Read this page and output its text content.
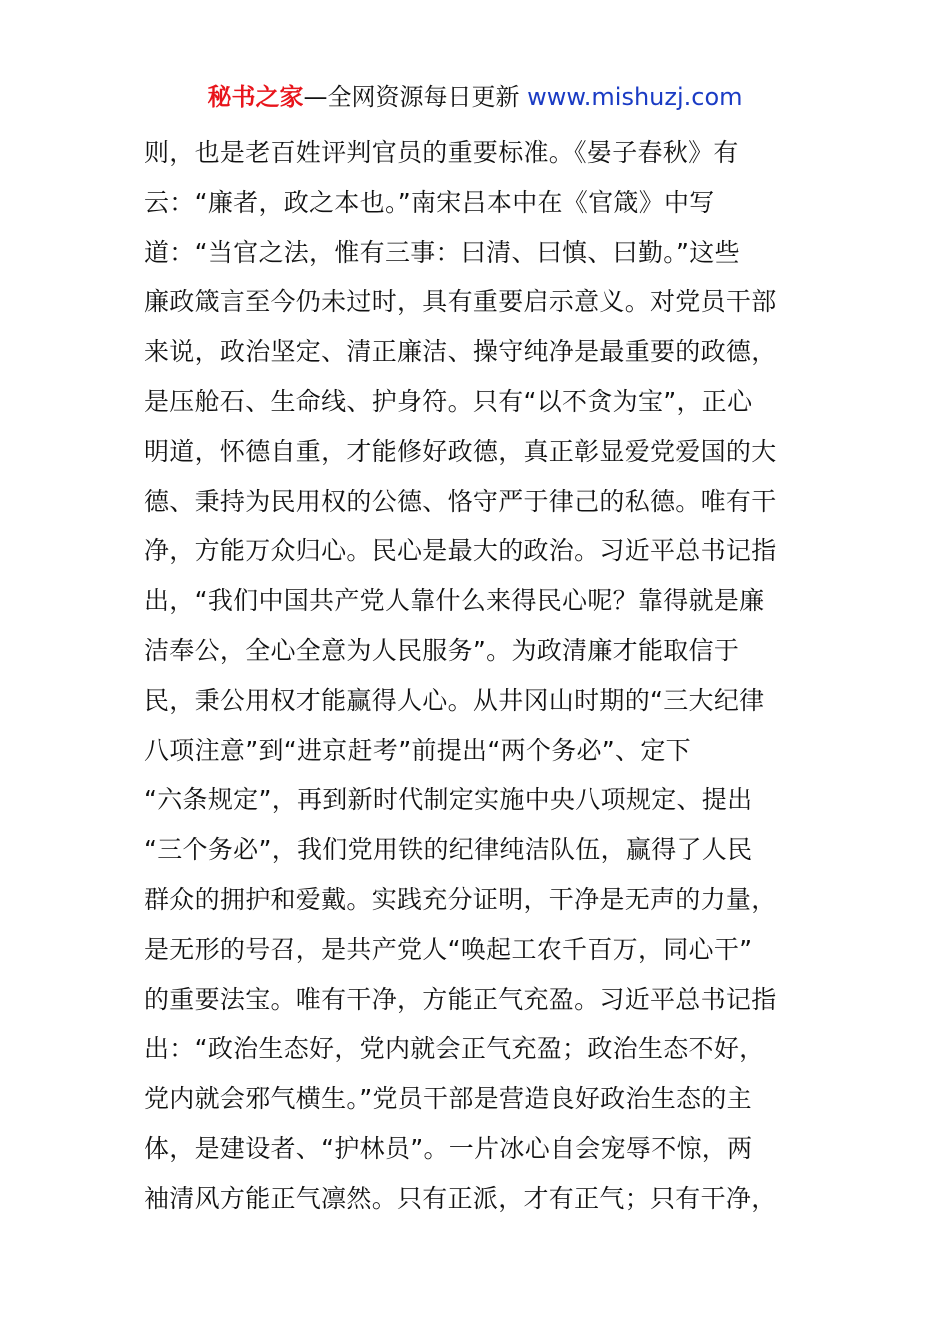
秘书之家—全网资源每日更新 www.mishuzj.com
则，也是老百姓评判官员的重要标准。《晏子春秋》有
云：“廉者，政之本也。”南宋吕本中在《官箴》中写
道：“当官之法，惟有三事：曰清、曰慎、曰勤。”这些
廉政箴言至今仍未过时，具有重要启示意义。对党员干部
来说，政治坚定、清正廉洁、操守纯净是最重要的政德，
是压舱石、生命线、护身符。只有“以不贪为宝”，正心
明道，怀德自重，才能修好政德，真正彰显爱党爱国的大
德、秉持为民用权的公德、恪守严于律己的私德。唯有干
净，方能万众归心。民心是最大的政治。习近平总书记指
出，“我们中国共产党人靠什么来得民心呢？靠得就是廉
洁奉公，全心全意为人民服务”。为政清廉才能取信于
民，秉公用权才能赢得人心。从井冈山时期的“三大纪律
八项注意”到“进京赶考”前提出“两个务必”、定下
“六条规定”，再到新时代制定实施中央八项规定、提出
“三个务必”，我们党用铁的纪律纯洁队伍，赢得了人民
群众的拥护和爱戴。实践充分证明，干净是无声的力量，
是无形的号召，是共产党人“唤起工农千百万，同心干”
的重要法宝。唯有干净，方能正气充盈。习近平总书记指
出：“政治生态好，党内就会正气充盈；政治生态不好，
党内就会邪气横生。”党员干部是营造良好政治生态的主
体，是建设者、“护林员”。一片冰心自会宠辱不惊，两
袖清风方能正气凛然。只有正派，才有正气；只有干净，
